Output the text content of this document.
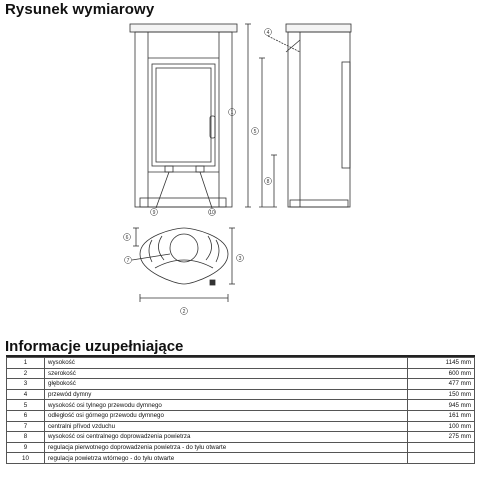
Rysunek wymiarowy
1
2
3
4
5
6
7
8
9	10
Informacje uzupełniające
1	wysokość	1145 mm
2	szerokość	600 mm
3	głębokość	477 mm
4	przewód dymny	150 mm
5	wysokość osi tylnego przewodu dymnego	945 mm
6	odległość osi górnego przewodu dymnego	161 mm
7	centralni přívod vzduchu	100 mm
8	wysokość osi centralnego doprowadzenia powietrza	275 mm
9	regulacja pierwotnego doprowadzenia powietrza - do tyłu otwarte	
10	regulacja powietrza wtórnego - do tyłu otwarte	
